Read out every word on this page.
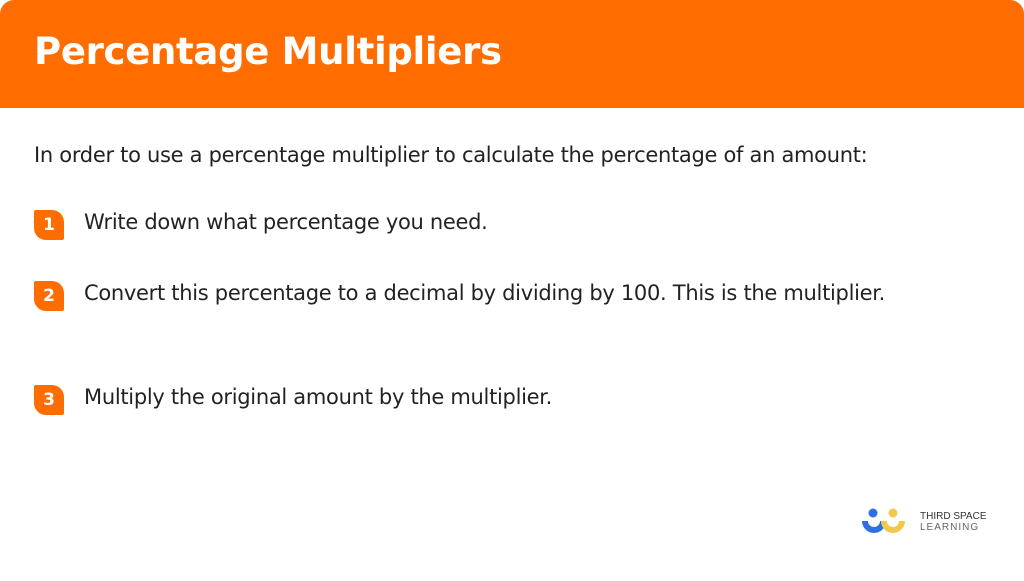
Percentage Multipliers
In order to use a percentage multiplier to calculate the percentage of an amount:
1	Write down what percentage you need.
2	Convert this percentage to a decimal by dividing by 100. This is the multiplier.
3	Multiply the original amount by the multiplier.
THIRD SPACE
LEARNING
